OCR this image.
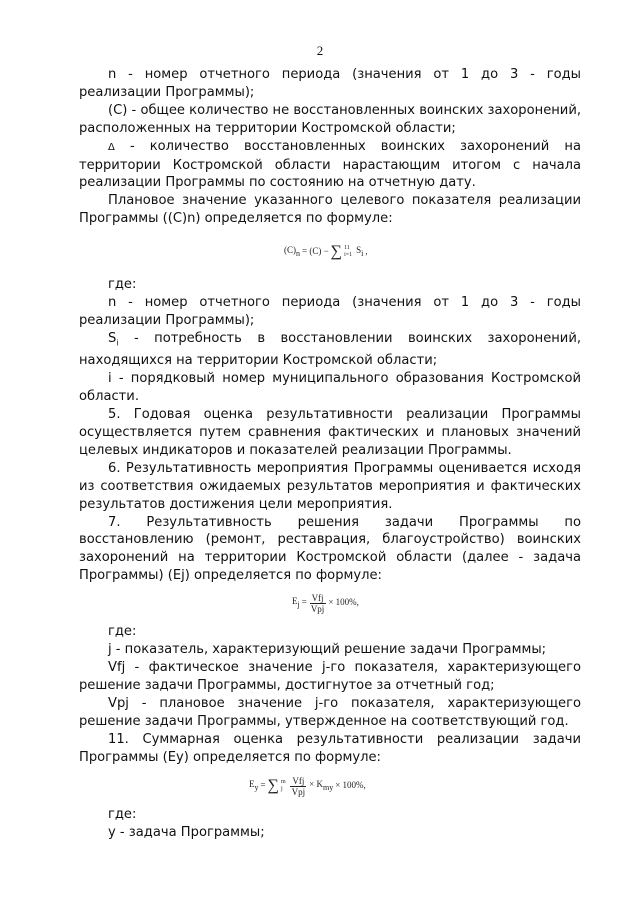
2

n - номер отчетного периода (значения от 1 до 3 - годы реализации Программы);

(С) - общее количество не восстановленных воинских захоронений, расположенных на территории Костромской области;

Δ - количество восстановленных воинских захоронений на территории Костромской области нарастающим итогом с начала реализации Программы по состоянию на отчетную дату.

Плановое значение указанного целевого показателя реализации Программы ((С)n) определяется по формуле:

$(С)_n = (С)$ − ∑ 11
i=1
$S_i$ ,

где:

n - номер отчетного периода (значения от 1 до 3 - годы реализации Программы);

$S_i$ - потребность в восстановлении воинских захоронений, находящихся на территории Костромской области;

i - порядковый номер муниципального образования Костромской области.

5. Годовая оценка результативности реализации Программы осуществляется путем сравнения фактических и плановых значений целевых индикаторов и показателей реализации Программы.

6. Результативность мероприятия Программы оценивается исходя из соответствия ожидаемых результатов мероприятия и фактических результатов достижения цели мероприятия.

7. Результативность решения задачи Программы по восстановлению (ремонт, реставрация, благоустройство) воинских захоронений на территории Костромской области (далее - задача Программы) (Ej) определяется по формуле:

$E_j = \frac{\text{Vfj}}{\text{Vpj}} \times 100\%$,

где:

j - показатель, характеризующий решение задачи Программы;

Vfj - фактическое значение j-го показателя, характеризующего решение задачи Программы, достигнутое за отчетный год;

Vpj - плановое значение j-го показателя, характеризующего решение задачи Программы, утвержденное на соответствующий год.

11. Суммарная оценка результативности реализации задачи Программы (Ey) определяется по формуле:

$E_y$ = ∑ m
j $\frac{\text{Vfj}}{\text{Vpj}} \times K_{my} \times 100\%$,

где:

у - задача Программы;
